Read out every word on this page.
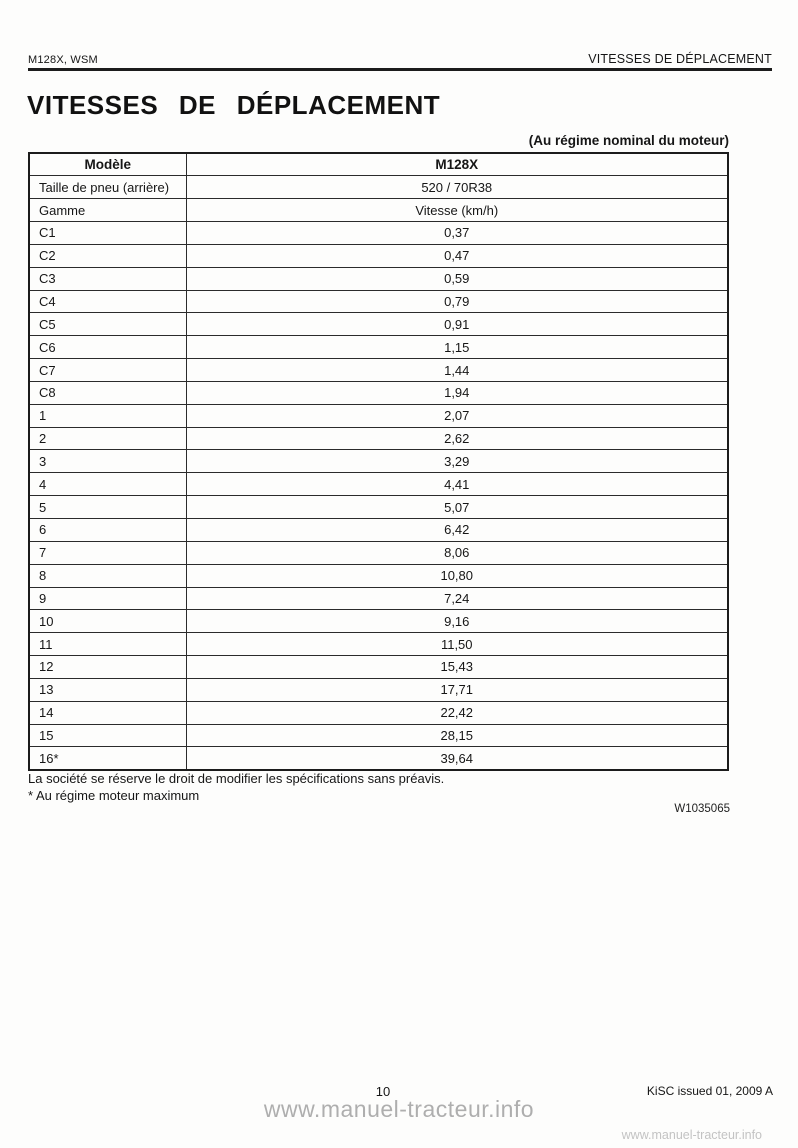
M128X, WSM	VITESSES DE DÉPLACEMENT
VITESSES DE DÉPLACEMENT
(Au régime nominal du moteur)
Modèle	M128X
Taille de pneu (arrière)	520 / 70R38
Gamme	Vitesse (km/h)
C1	0,37
C2	0,47
C3	0,59
C4	0,79
C5	0,91
C6	1,15
C7	1,44
C8	1,94
1	2,07
2	2,62
3	3,29
4	4,41
5	5,07
6	6,42
7	8,06
8	10,80
9	7,24
10	9,16
11	11,50
12	15,43
13	17,71
14	22,42
15	28,15
16*	39,64
La société se réserve le droit de modifier les spécifications sans préavis.
* Au régime moteur maximum
W1035065
10	KiSC issued 01, 2009 A
www.manuel-tracteur.info
www.manuel-tracteur.info
